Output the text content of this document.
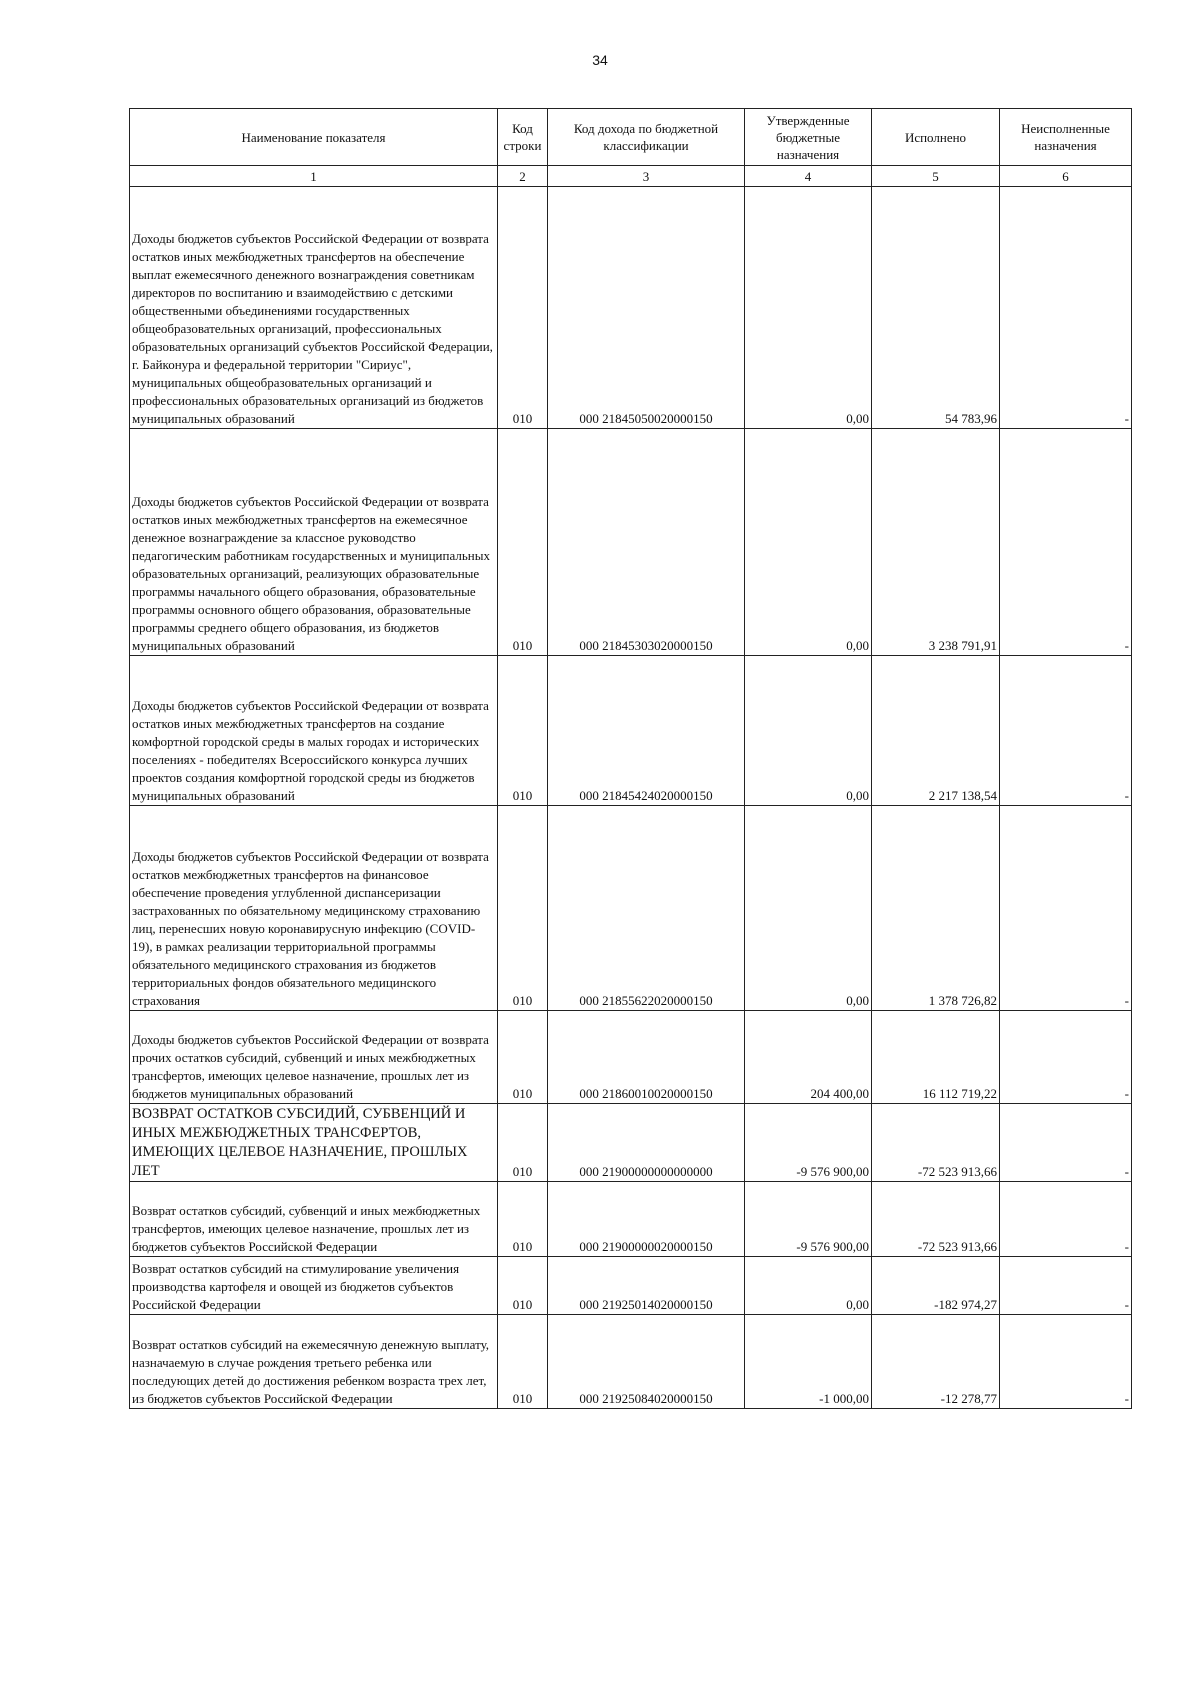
34
Наименование показателя	Код строки	Код дохода по бюджетной классификации	Утвержденные бюджетные назначения	Исполнено	Неисполненные назначения
1	2	3	4	5	6
Доходы бюджетов субъектов Российской Федерации от возврата остатков иных межбюджетных трансфертов на обеспечение выплат ежемесячного денежного вознаграждения советникам директоров по воспитанию и взаимодействию с детскими общественными объединениями государственных общеобразовательных организаций, профессиональных образовательных организаций субъектов Российской Федерации, г. Байконура и федеральной территории "Сириус", муниципальных общеобразовательных организаций и профессиональных образовательных организаций из бюджетов муниципальных образований	010	000 21845050020000150	0,00	54 783,96	-
Доходы бюджетов субъектов Российской Федерации от возврата остатков иных межбюджетных трансфертов на ежемесячное денежное вознаграждение за классное руководство педагогическим работникам государственных и муниципальных образовательных организаций, реализующих образовательные программы начального общего образования, образовательные программы основного общего образования, образовательные программы среднего общего образования, из бюджетов муниципальных образований	010	000 21845303020000150	0,00	3 238 791,91	-
Доходы бюджетов субъектов Российской Федерации от возврата остатков иных межбюджетных трансфертов на создание комфортной городской среды в малых городах и исторических поселениях - победителях Всероссийского конкурса лучших проектов создания комфортной городской среды из бюджетов муниципальных образований	010	000 21845424020000150	0,00	2 217 138,54	-
Доходы бюджетов субъектов Российской Федерации от возврата остатков межбюджетных трансфертов на финансовое обеспечение проведения углубленной диспансеризации застрахованных по обязательному медицинскому страхованию лиц, перенесших новую коронавирусную инфекцию (COVID-19), в рамках реализации территориальной программы обязательного медицинского страхования из бюджетов территориальных фондов обязательного медицинского страхования	010	000 21855622020000150	0,00	1 378 726,82	-
Доходы бюджетов субъектов Российской Федерации от возврата прочих остатков субсидий, субвенций и иных межбюджетных трансфертов, имеющих целевое назначение, прошлых лет из бюджетов муниципальных образований	010	000 21860010020000150	204 400,00	16 112 719,22	-
ВОЗВРАТ ОСТАТКОВ СУБСИДИЙ, СУБВЕНЦИЙ И ИНЫХ МЕЖБЮДЖЕТНЫХ ТРАНСФЕРТОВ, ИМЕЮЩИХ ЦЕЛЕВОЕ НАЗНАЧЕНИЕ, ПРОШЛЫХ ЛЕТ	010	000 21900000000000000	-9 576 900,00	-72 523 913,66	-
Возврат остатков субсидий, субвенций и иных межбюджетных трансфертов, имеющих целевое назначение, прошлых лет из бюджетов субъектов Российской Федерации	010	000 21900000020000150	-9 576 900,00	-72 523 913,66	-
Возврат остатков субсидий на стимулирование увеличения производства картофеля и овощей из бюджетов субъектов Российской Федерации	010	000 21925014020000150	0,00	-182 974,27	-
Возврат остатков субсидий на ежемесячную денежную выплату, назначаемую в случае рождения третьего ребенка или последующих детей до достижения ребенком возраста трех лет, из бюджетов субъектов Российской Федерации	010	000 21925084020000150	-1 000,00	-12 278,77	-
